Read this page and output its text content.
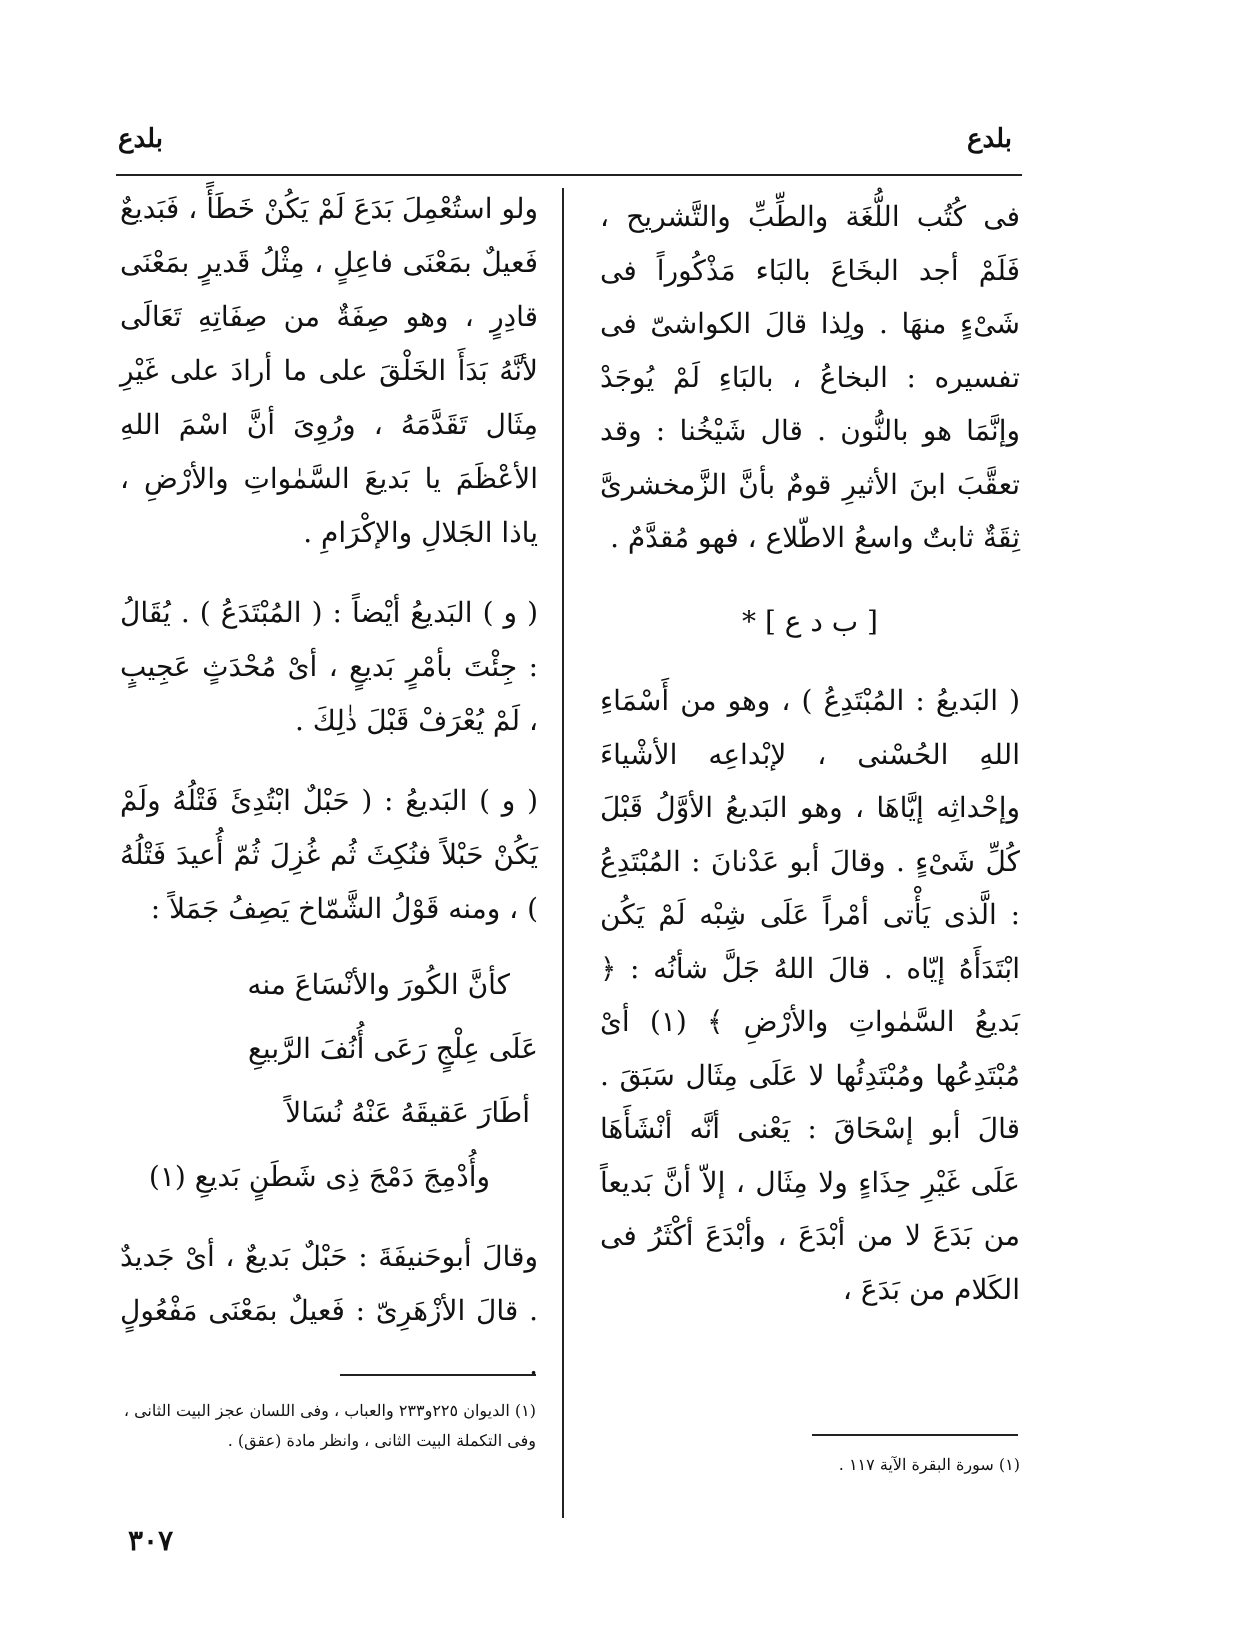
بلدع
بلدع

فى كُتُب اللُّغَة والطِّبِّ والتَّشريح ، فَلَمْ أجد البخَاعَ بالبَاء مَذْكُوراً فى شَىْءٍ منهَا . ولِذا قالَ الكواشىّ فى تفسيره : البخاعُ ، بالبَاءِ لَمْ يُوجَدْ وإنَّمَا هو بالنُّون . قال شَيْخُنا : وقد تعقَّبَ ابنَ الأثيرِ قومٌ بأنَّ الزَّمخشرىَّ ثِقَةٌ ثابتٌ واسعُ الاطّلاع ، فهو مُقدَّمٌ .

[ ب د ع ] *

( البَديعُ : المُبْتَدِعُ ) ، وهو من أَسْمَاءِ اللهِ الحُسْنى ، لإبْداعِه الأشْياءَ وإحْداثِه إيَّاهَا ، وهو البَديعُ الأوَّلُ قَبْلَ كُلِّ شَىْءٍ . وقالَ أبو عَدْنانَ : المُبْتَدِعُ : الَّذى يَأْتى أمْراً عَلَى شِبْه لَمْ يَكُن ابْتَدَأَهُ إيّاه . قالَ اللهُ جَلَّ شأنُه : ﴿ بَديعُ السَّمٰواتِ والأرْضِ ﴾ (١) أىْ مُبْتَدِعُها ومُبْتَدِئُها لا عَلَى مِثَال سَبَقَ . قالَ أبو إسْحَاقَ : يَعْنى أنَّه أنْشَأَهَا عَلَى غَيْرِ حِذَاءٍ ولا مِثَال ، إلاّ أنَّ بَديعاً من بَدَعَ لا من أبْدَعَ ، وأبْدَعَ أكْثَرُ فى الكَلام من بَدَعَ ،

ولو استُعْمِلَ بَدَعَ لَمْ يَكُنْ خَطَأً ، فَبَديعٌ فَعيلٌ بمَعْنَى فاعِلٍ ، مِثْلُ قَديرٍ بمَعْنَى قادِرٍ ، وهو صِفَةٌ من صِفَاتِهِ تَعَالَى لأنَّهُ بَدَأَ الخَلْقَ على ما أرادَ على غَيْرِ مِثَال تَقَدَّمَهُ ، ورُوِىَ أنَّ اسْمَ اللهِ الأعْظَمَ يا بَديعَ السَّمٰواتِ والأرْضِ ، ياذا الجَلالِ والإكْرَامِ .

( و ) البَديعُ أيْضاً : ( المُبْتَدَعُ ) . يُقَالُ : جِئْتَ بأمْرٍ بَديعٍ ، أىْ مُحْدَثٍ عَجِيبٍ ، لَمْ يُعْرَفْ قَبْلَ ذٰلِكَ .

( و ) البَديعُ : ( حَبْلٌ ابْتُدِئَ فَتْلُهُ ولَمْ يَكُنْ حَبْلاً فنُكِثَ ثُم غُزِلَ ثُمّ أُعيدَ فَتْلُهُ ) ، ومنه قَوْلُ الشَّمّاخ يَصِفُ جَمَلاً :

كأنَّ الكُورَ والأنْسَاعَ منه

عَلَى عِلْجٍ رَعَى أُنُفَ الرَّبيعِ

أطَارَ عَقيقَهُ عَنْهُ نُسَالاً

وأُدْمِجَ دَمْجَ ذِى شَطَنٍ بَديعِ (١)

وقالَ أبوحَنيفَةَ : حَبْلٌ بَديعٌ ، أىْ جَديدٌ . قالَ الأزْهَرِىّ : فَعيلٌ بمَعْنَى مَفْعُولٍ .

(١) سورة البقرة الآية ١١٧ .
(١) الديوان ٢٢٥و٢٣٣ والعباب ، وفى اللسان عجز البيت الثانى ، وفى التكملة البيت الثانى ، وانظر مادة (عقق) .
٣٠٧
